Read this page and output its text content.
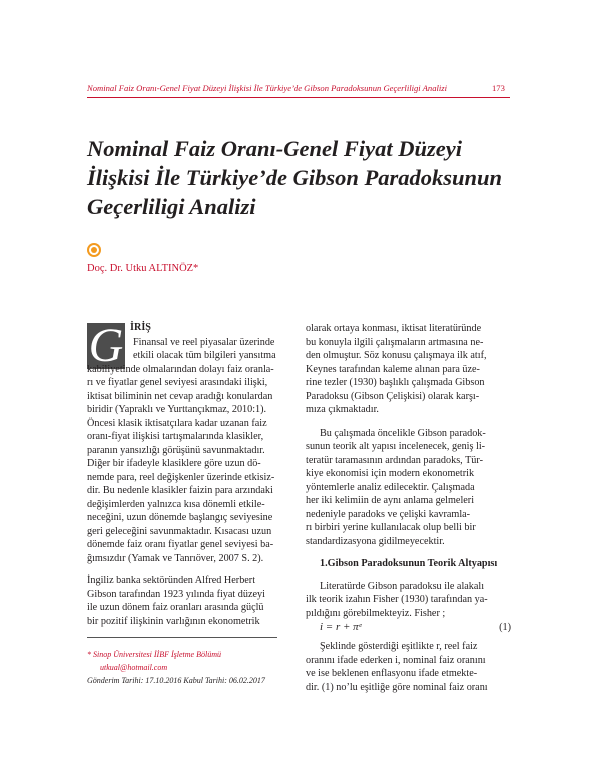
Nominal Faiz Oranı-Genel Fiyat Düzeyi İlişkisi İle Türkiye’de Gibson Paradoksunun Geçerliligi Analizi	173
Nominal Faiz Oranı-Genel Fiyat Düzeyi
İlişkisi İle Türkiye’de Gibson Paradoksunun
Geçerliligi Analizi
Doç. Dr. Utku ALTINÖZ*
G İRİŞ
Finansal ve reel piyasalar üzerinde
etkili olacak tüm bilgileri yansıtma
kabiliyetinde olmalarından dolayı faiz oranla-
rı ve fiyatlar genel seviyesi arasındaki ilişki,
iktisat biliminin net cevap aradığı konulardan
biridir (Yapraklı ve Yurttançıkmaz, 2010:1).
Öncesi klasik iktisatçılara kadar uzanan faiz
oranı-fiyat ilişkisi tartışmalarında klasikler,
paranın yansızlığı görüşünü savunmaktadır.
Diğer bir ifadeyle klasiklere göre uzun dö-
nemde para, reel değişkenler üzerinde etkisiz-
dir. Bu nedenle klasikler faizin para arzındaki
değişimlerden yalnızca kısa dönemli etkile-
neceğini, uzun dönemde başlangıç seviyesine
geri geleceğini savunmaktadır. Kısacası uzun
dönemde faiz oranı fiyatlar genel seviyesi ba-
ğımsızdır (Yamak ve Tanrıöver, 2007 S. 2).
İngiliz banka sektöründen Alfred Herbert
Gibson tarafından 1923 yılında fiyat düzeyi
ile uzun dönem faiz oranları arasında güçlü
bir pozitif ilişkinin varlığının ekonometrik
* Sinop Üniversitesi İİBF İşletme Bölümü
utkual@hotmail.com
Gönderim Tarihi: 17.10.2016 Kabul Tarihi: 06.02.2017
olarak ortaya konması, iktisat literatüründe
bu konuyla ilgili çalışmaların artmasına ne-
den olmuştur. Söz konusu çalışmaya ilk atıf,
Keynes tarafından kaleme alınan para üze-
rine tezler (1930) başlıklı çalışmada Gibson
Paradoksu (Gibson Çelişkisi) olarak karşı-
mıza çıkmaktadır.
Bu çalışmada öncelikle Gibson paradok-
sunun teorik alt yapısı incelenecek, geniş li-
teratür taramasının ardından paradoks, Tür-
kiye ekonomisi için modern ekonometrik
yöntemlerle analiz edilecektir. Çalışmada
her iki kelimiin de aynı anlama gelmeleri
nedeniyle paradoks ve çelişki kavramla-
rı birbiri yerine kullanılacak olup belli bir
standardizasyona gidilmeyecektir.
1.Gibson Paradoksunun Teorik Altyapısı
Literatürde Gibson paradoksu ile alakalı
ilk teorik izahın Fisher (1930) tarafından ya-
pıldığını görebilmekteyiz. Fisher ;
i = r + πᵉ	(1)
Şeklinde gösterdiği eşitlikte r, reel faiz
oranını ifade ederken i, nominal faiz oranını
ve ise beklenen enflasyonu ifade etmekte-
dir. (1) no’lu eşitliğe göre nominal faiz oranı
